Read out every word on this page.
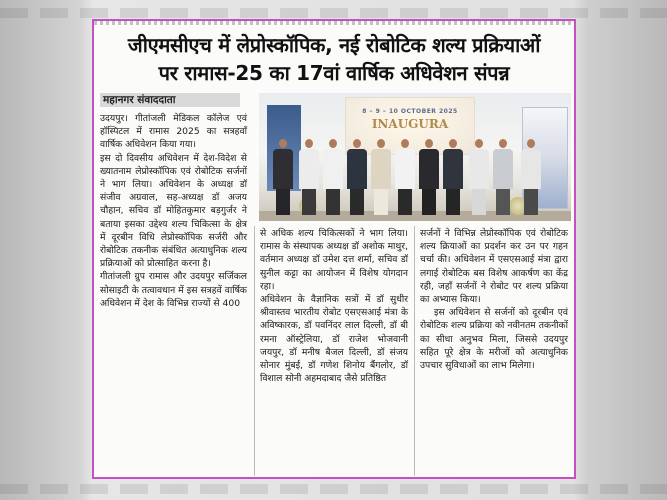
जीएमसीएच में लेप्रोस्कॉपिक, नई रोबोटिक शल्य प्रक्रियाओं
पर रामास-25 का 17वां वार्षिक अधिवेशन संपन्न
महानगर संवाददाता
8 – 9 – 10 OCTOBER 2025
INAUGURA

उदयपुर। गीतांजली मेडिकल कॉलेज एवं हॉस्पिटल में रामास 2025 का सत्रहवाँ वार्षिक अधिवेशन किया गया।

इस दो दिवसीय अधिवेशन में देश-विदेश से ख्यातनाम लेप्रोस्कॉपिक एवं रोबोटिक सर्जनों ने भाग लिया। अधिवेशन के अध्यक्ष डॉ संजीव अग्रवाल, सह-अध्यक्ष डॉ अजय चौहान, सचिव डॉ मोहितकुमार बड़गुर्जर ने बताया इसका उद्देश्य शल्य चिकित्सा के क्षेत्र में दूरबीन विधि लेप्रोस्कॉपिक सर्जरी और रोबोटिक तकनीक संबंधित अत्याधुनिक शल्य प्रक्रियाओं को प्रोत्साहित करना है।

गीतांजली ग्रुप रामास और उदयपुर सर्जिकल सोसाइटी के तत्वावधान में इस सत्रहवें वार्षिक अधिवेशन में देश के विभिन्न राज्यों से 400

से अधिक शल्य चिकित्सकों ने भाग लिया। रामास के संस्थापक अध्यक्ष डॉ अशोक माथुर, वर्तमान अध्यक्ष डॉ उमेश दत्त शर्मा, सचिव डॉ सुनील कट्टा का आयोजन में विशेष योगदान रहा।

अधिवेशन के वैज्ञानिक सत्रों में डॉ सुधीर श्रीवास्तव भारतीय रोबोट एसएसआई मंत्रा के अविष्कारक, डॉ पवनिंदर लाल दिल्ली, डॉ बी रमना ऑस्ट्रेलिया, डॉ राजेश भोजवानी जयपुर, डॉ मनीष बैजल दिल्ली, डॉ संजय सोनार मुंबई, डॉ गणेश शिनोय बैंगलोर, डॉ विशाल सोनी अहमदाबाद जैसे प्रतिष्ठित

सर्जनों ने विभिन्न लेप्रोस्कॉपिक एवं रोबोटिक शल्य क्रियाओं का प्रदर्शन कर उन पर गहन चर्चा की। अधिवेशन में एसएसआई मंत्रा द्वारा लगाई रोबोटिक बस विशेष आकर्षण का केंद्र रही, जहाँ सर्जनों ने रोबोट पर शल्य प्रक्रिया का अभ्यास किया।

इस अधिवेशन से सर्जनों को दूरबीन एवं रोबोटिक शल्य प्रक्रिया को नवीनतम तकनीकों का सीधा अनुभव मिला, जिससे उदयपुर सहित पूरे क्षेत्र के मरीजों को अत्याधुनिक उपचार सुविधाओं का लाभ मिलेगा।
